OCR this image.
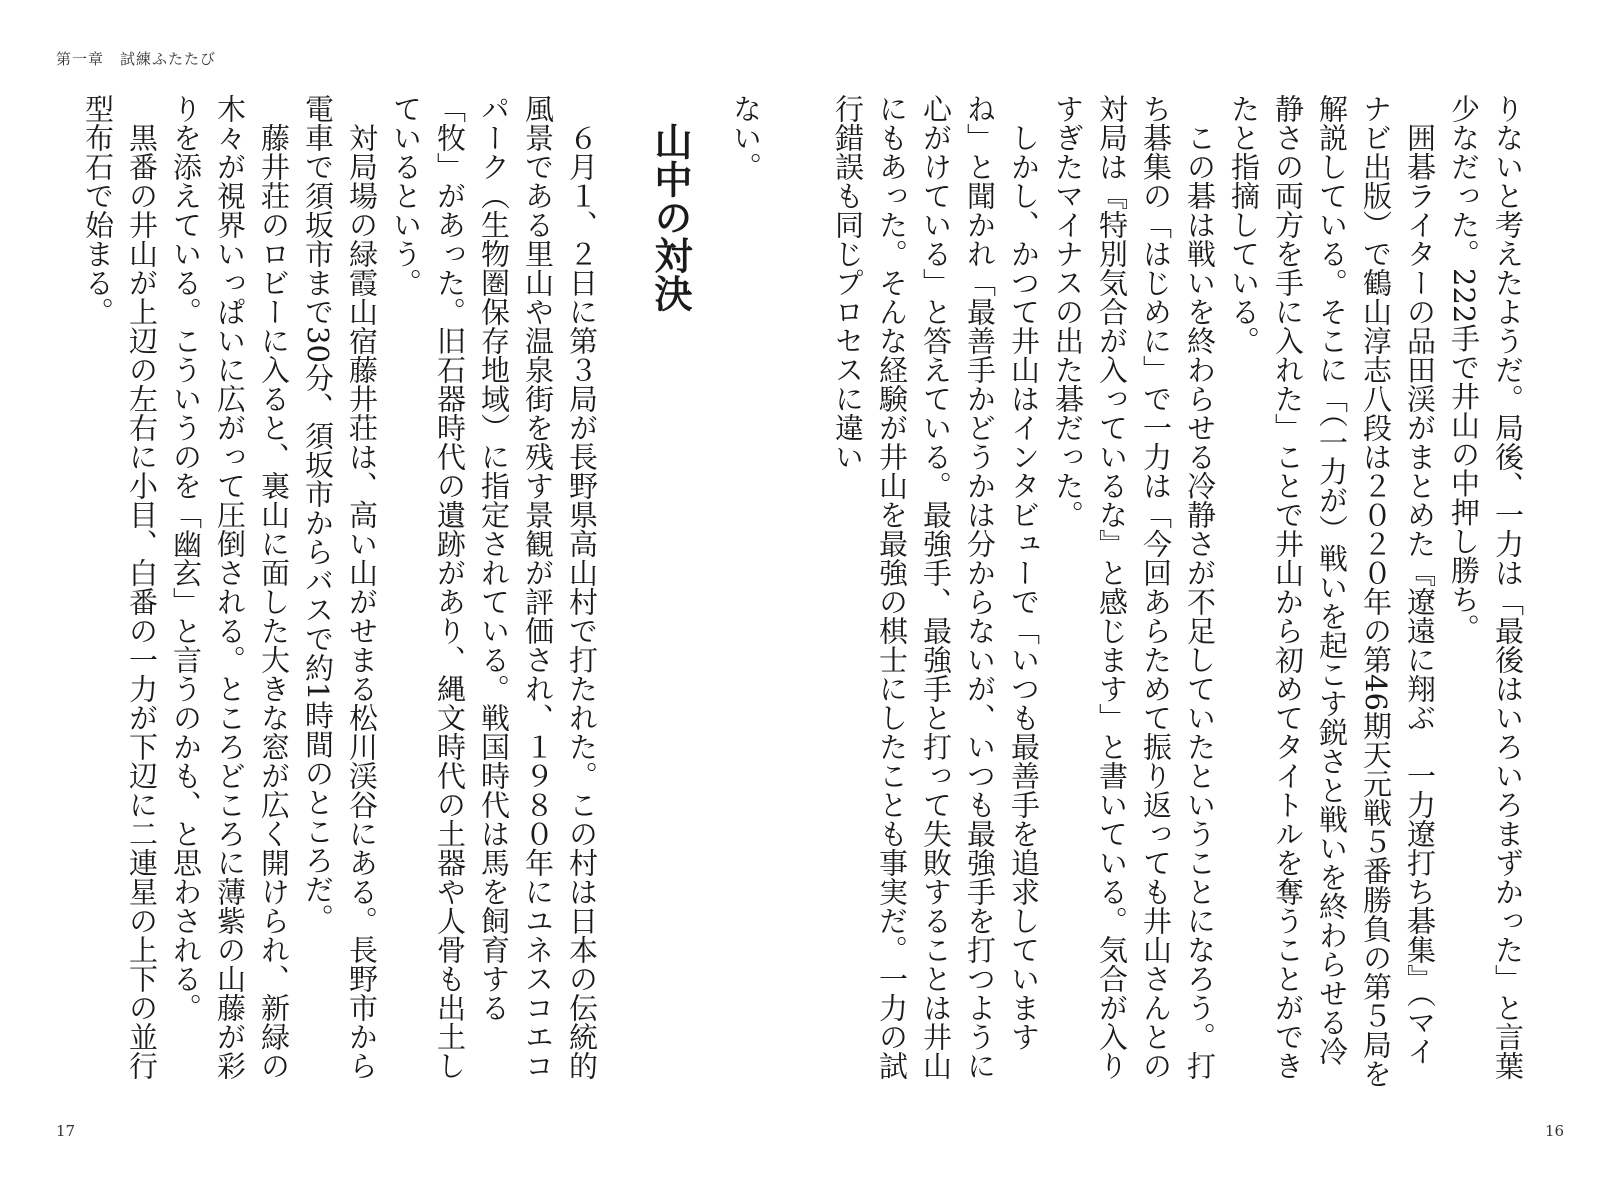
第一章　試練ふたたび

りないと考えたようだ。局後、一力は「最後はいろいろまずかった」と言葉少なだった。222手で井山の中押し勝ち。

囲碁ライターの品田渓がまとめた『遼遠に翔ぶ　一力遼打ち碁集』（マイナビ出版）で鶴山淳志八段は２０２０年の第46期天元戦５番勝負の第５局を解説している。そこに「（一力が）戦いを起こす鋭さと戦いを終わらせる冷静さの両方を手に入れた」ことで井山から初めてタイトルを奪うことができたと指摘している。

この碁は戦いを終わらせる冷静さが不足していたということになろう。打ち碁集の「はじめに」で一力は「今回あらためて振り返っても井山さんとの対局は『特別気合が入っているな』と感じます」と書いている。気合が入りすぎたマイナスの出た碁だった。

しかし、かつて井山はインタビューで「いつも最善手を追求していますね」と聞かれ「最善手かどうかは分からないが、いつも最強手を打つように心がけている」と答えている。最強手、最強手と打って失敗することは井山にもあった。そんな経験が井山を最強の棋士にしたことも事実だ。一力の試行錯誤も同じプロセスに違い

ない。

山中の対決

６月１、２日に第３局が長野県高山村で打たれた。この村は日本の伝統的風景である里山や温泉街を残す景観が評価され、１９８０年にユネスコエコパーク（生物圏保存地域）に指定されている。戦国時代は馬を飼育する「牧」があった。旧石器時代の遺跡があり、縄文時代の土器や人骨も出土しているという。

対局場の緑霞山宿藤井荘は、高い山がせまる松川渓谷にある。長野市から電車で須坂市まで30分、須坂市からバスで約1時間のところだ。

藤井荘のロビーに入ると、裏山に面した大きな窓が広く開けられ、新緑の木々が視界いっぱいに広がって圧倒される。ところどころに薄紫の山藤が彩りを添えている。こういうのを「幽玄」と言うのかも、と思わされる。

黒番の井山が上辺の左右に小目、白番の一力が下辺に二連星の上下の並行型布石で始まる。

17	16
